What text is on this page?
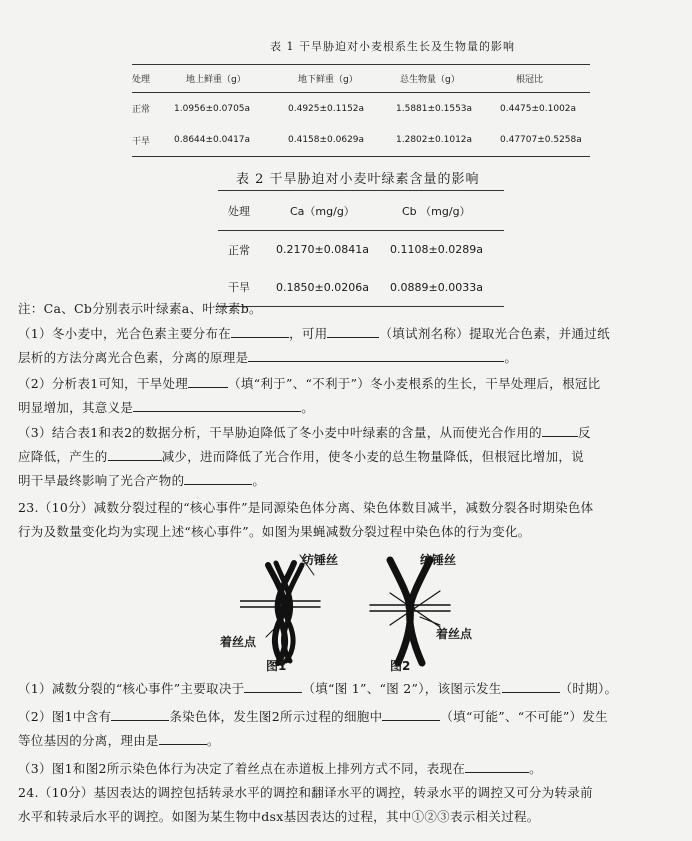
表 1 干旱胁迫对小麦根系生长及生物量的影响
处理	地上鲜重（g）	地下鲜重（g）	总生物量（g）	根冠比
正常	1.0956±0.0705a	0.4925±0.1152a	1.5881±0.1553a	0.4475±0.1002a
干旱	0.8644±0.0417a	0.4158±0.0629a	1.2802±0.1012a	0.47707±0.5258a
表 2 干旱胁迫对小麦叶绿素含量的影响
处理	Ca（mg/g）	Cb （mg/g）
正常	0.2170±0.0841a	0.1108±0.0289a
干旱	0.1850±0.0206a	0.0889±0.0033a
注：Ca、Cb分别表示叶绿素a、叶绿素b。
（1）冬小麦中，光合色素主要分布在	，可用	（填试剂名称）提取光合色素，并通过纸
层析的方法分离光合色素，分离的原理是	。
（2）分析表1可知，干旱处理	（填“利于”、“不利于”）冬小麦根系的生长，干旱处理后，根冠比
明显增加，其意义是	。
（3）结合表1和表2的数据分析，干旱胁迫降低了冬小麦中叶绿素的含量，从而使光合作用的	反
应降低，产生的	减少，进而降低了光合作用，使冬小麦的总生物量降低，但根冠比增加，说
明干旱最终影响了光合产物的	。
23.（10分）减数分裂过程的“核心事件”是同源染色体分离、染色体数目减半，减数分裂各时期染色体
行为及数量变化均为实现上述“核心事件”。如图为果蝇减数分裂过程中染色体的行为变化。
纺锤丝
着丝点
图1
纺锤丝
着丝点
图2
（1）减数分裂的“核心事件”主要取决于	（填“图 1”、“图 2”），该图示发生	（时期）。
（2）图1中含有	条染色体，发生图2所示过程的细胞中	（填“可能”、“不可能”）发生
等位基因的分离，理由是	。
（3）图1和图2所示染色体行为决定了着丝点在赤道板上排列方式不同，表现在	。
24.（10分）基因表达的调控包括转录水平的调控和翻译水平的调控，转录水平的调控又可分为转录前
水平和转录后水平的调控。如图为某生物中dsx基因表达的过程，其中①②③表示相关过程。
